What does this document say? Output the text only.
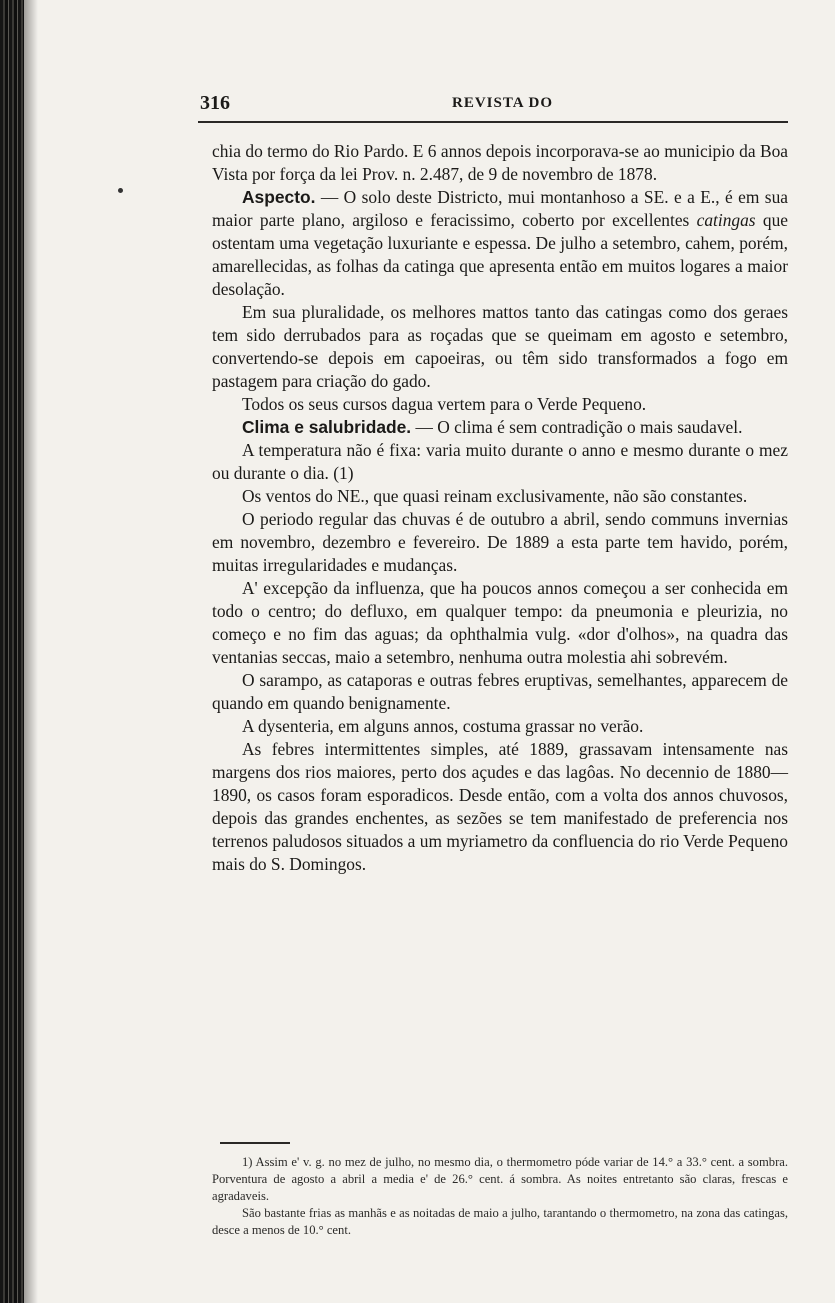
316	REVISTA DO

chia do termo do Rio Pardo. E 6 annos depois incorporava-se ao municipio da Boa Vista por força da lei Prov. n. 2.487, de 9 de novembro de 1878.

Aspecto. — O solo deste Districto, mui montanhoso a SE. e a E., é em sua maior parte plano, argiloso e feracissimo, coberto por excellentes catingas que ostentam uma vegetação luxuriante e espessa. De julho a setembro, cahem, porém, amarellecidas, as folhas da catinga que apresenta então em muitos logares a maior desolação.

Em sua pluralidade, os melhores mattos tanto das catingas como dos geraes tem sido derrubados para as roçadas que se queimam em agosto e setembro, convertendo-se depois em capoeiras, ou têm sido transformados a fogo em pastagem para criação do gado.

Todos os seus cursos dagua vertem para o Verde Pequeno.

Clima e salubridade. — O clima é sem contradição o mais saudavel.

A temperatura não é fixa: varia muito durante o anno e mesmo durante o mez ou durante o dia. (1)

Os ventos do NE., que quasi reinam exclusivamente, não são constantes.

O periodo regular das chuvas é de outubro a abril, sendo communs invernias em novembro, dezembro e fevereiro. De 1889 a esta parte tem havido, porém, muitas irregularidades e mudanças.

A' excepção da influenza, que ha poucos annos começou a ser conhecida em todo o centro; do defluxo, em qualquer tempo: da pneumonia e pleurizia, no começo e no fim das aguas; da ophthalmia vulg. «dor d'olhos», na quadra das ventanias seccas, maio a setembro, nenhuma outra molestia ahi sobrevém.

O sarampo, as cataporas e outras febres eruptivas, semelhantes, apparecem de quando em quando benignamente.

A dysenteria, em alguns annos, costuma grassar no verão.

As febres intermittentes simples, até 1889, grassavam intensamente nas margens dos rios maiores, perto dos açudes e das lagôas. No decennio de 1880—1890, os casos foram esporadicos. Desde então, com a volta dos annos chuvosos, depois das grandes enchentes, as sezões se tem manifestado de preferencia nos terrenos paludosos situados a um myriametro da confluencia do rio Verde Pequeno mais do S. Domingos.

1) Assim e' v. g. no mez de julho, no mesmo dia, o thermometro póde variar de 14.° a 33.° cent. a sombra. Porventura de agosto a abril a media e' de 26.° cent. á sombra. As noites entretanto são claras, frescas e agradaveis.

São bastante frias as manhãs e as noitadas de maio a julho, tarantando o thermometro, na zona das catingas, desce a menos de 10.° cent.
